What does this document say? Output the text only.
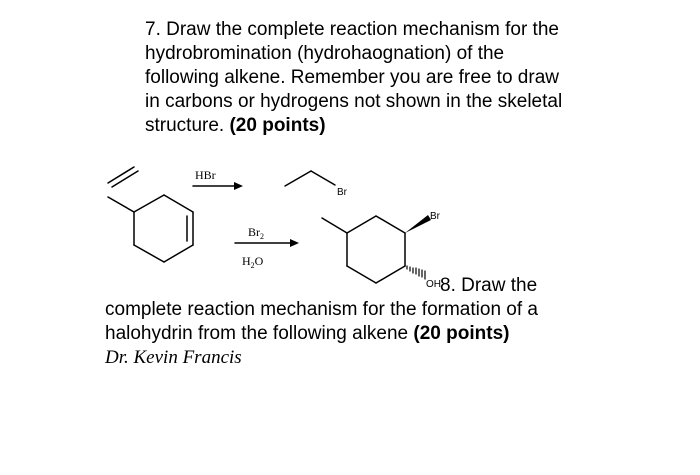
7. Draw the complete reaction mechanism for the
hydrobromination (hydrohaognation) of the
following alkene. Remember you are free to draw
in carbons or hydrogens not shown in the skeletal
structure. (20 points)
HBr
$Br_2$
$H_2O$
Br
Br
OH 8. Draw the
complete reaction mechanism for the formation of a
halohydrin from the following alkene (20 points)
Dr. Kevin Francis
